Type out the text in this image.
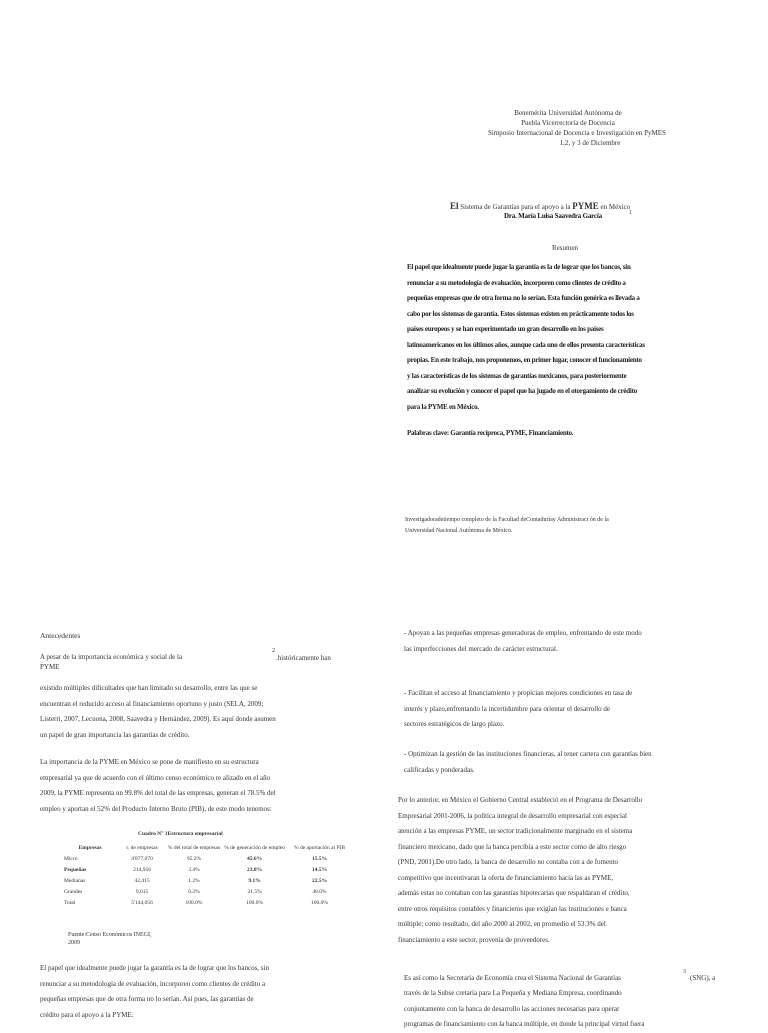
Benemérita Universidad Autónoma de
Puebla Vicerrectoría de Docencia
Simposio Internacional de Docencia e Investigación en PyMES
1,2, y 3 de Diciembre
El Sistema de Garantías para el apoyo a la PYME en México
Dra. María Luisa Saavedra García	1
Resumen

El papel que idealmente puede jugar la garantía es la de lograr que los bancos, sin

renunciar a su metodología de evaluación, incorporen como clientes de crédito a

pequeñas empresas que de otra forma no lo serían. Esta función genérica es llevada a

cabo por los sistemas de garantía. Estos sistemas existen en prácticamente todos los

países europeos y se han experimentado un gran desarrollo en los países

latinoamericanos en los últimos años, aunque cada uno de ellos presenta características

propias. En este trabajo, nos proponemos, en primer lugar, conocer el funcionamiento

y las características de los sistemas de garantías mexicanos, para posteriormente

analizar su evolución y conocer el papel que ha jugado en el otorgamiento de crédito

para la PYME en México.

Palabras clave: Garantía recíproca, PYME, Financiamiento.

Investigadoradetiempo completo de la Facultad deContaduríay Administraci ón de la
Universidad Nacional Autónoma de México.
Antecedentes
A pesar de la importancia económica y social de la
PYME
2
.históricamente han

existido múltiples dificultades que han limitado su desarrollo, entre las que se

encuentran el reducido acceso al financiamiento oportuno y justo (SELA, 2009;

Listerri, 2007, Lecuona, 2008, Saavedra y Hernández, 2009). Es aquí donde asumen

un papel de gran importancia las garantías de crédito.

La importancia de la PYME en México se pone de manifiesto en su estructura

empresarial ya que de acuerdo con el último censo económico re alizado en el año

2009, la PYME representa un 99.8% del total de las empresas, generan el 78.5% del

empleo y aportan el 52% del Producto Interno Bruto (PIB), de este modo tenemos:

Cuadro N° 1Estructura empresarial
Empresas	r. de empresas	% del total de empresas	% de generación de empleo	% de aportación al PIB
Micro	4'877,070	95.2%	45.6%	15.5%
Pequeñas	214,956	3.4%	23.8%	14.5%
Medianas	42,415	1.2%	9.1%	22.5%
Grandes	9,615	0.2%	21.5%	48.0%
Total	5'144,056	100.0%	100.0%	100.0%
Fuente:Censo Económicos INEGI, 2009

El papel que idealmente puede jugar la garantía es la de lograr que los bancos, sin

renunciar a su metodología de evaluación, incorporen como clientes de crédito a

pequeñas empresas que de otra forma no lo serían. Así pues, las garantías de

crédito para el apoyo a la PYME:

- Apoyan a las pequeñas empresas generadoras de empleo, enfrentando de este modo

las imperfecciones del mercado de carácter estructural.

- Facilitan el acceso al financiamiento y propician mejores condiciones en tasa de

interés y plazo,enfrentando la incertidumbre para orientar el desarrollo de

sectores estratégicos de largo plazo.

- Optimizan la gestión de las instituciones financieras, al tener cartera con garantías bien

calificadas y ponderadas.

Por lo anterior, en México el Gobierno Central estableció en el Programa de Desarrollo

Empresarial 2001-2006, la política integral de desarrollo empresarial con especial

atención a las empresas PYME, un sector tradicionalmente marginado en el sistema

financiero mexicano, dado que la banca percibía a este sector como de alto riesgo

(PND, 2001).De otro lado, la banca de desarrollo no contaba con a de fomento

competitivo que incentivaran la oferta de financiamiento hacia las as PYME,

además estas no contaban con las garantías hipotecarias que respaldaran el crédito,

entre otros requisitos contables y financieros que exigían las instituciones e banca

múltiple; como resultado, del año 2000 al 2002, en promedio el 53.3% del

financiamiento a este sector, provenía de proveedores.

Es así como la Secretaría de Economía crea el Sistema Nacional de Garantías
3
(SNG), a

través de la Subse cretaría para La Pequeña y Mediana Empresa, coordinando

conjuntamente con la banca de desarrollo las acciones necesarias para operar

programas de financiamiento con la banca múltiple, en donde la principal virtud fuera
